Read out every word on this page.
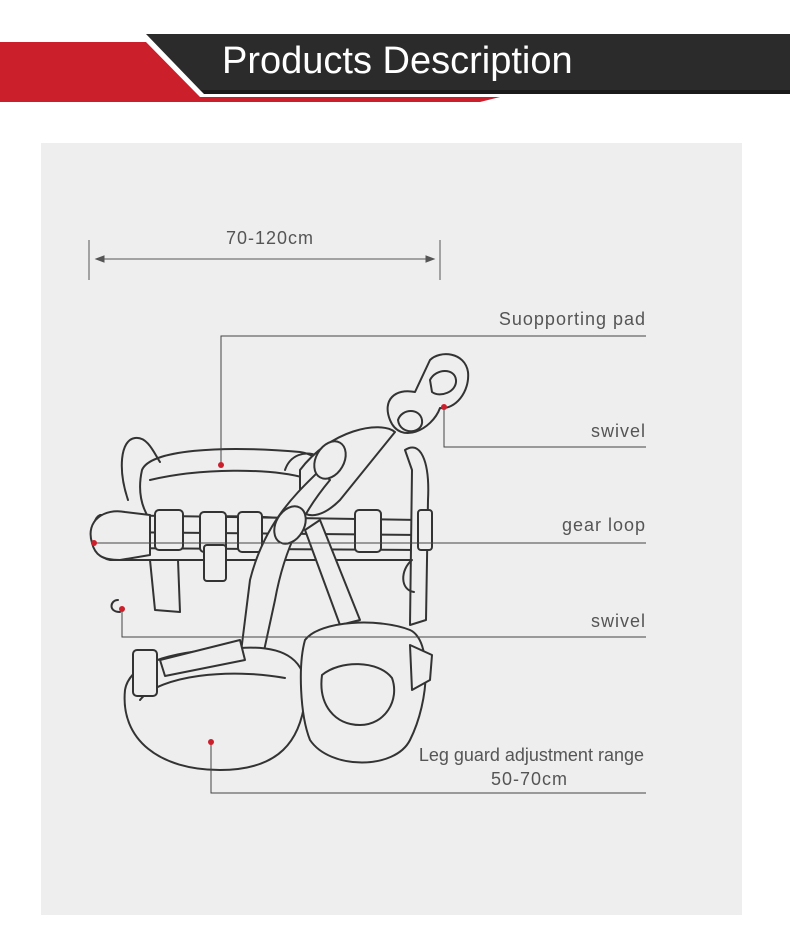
Products Description
70-120cm
Suopporting pad
swivel
gear loop
swivel
Leg guard adjustment range
50-70cm
